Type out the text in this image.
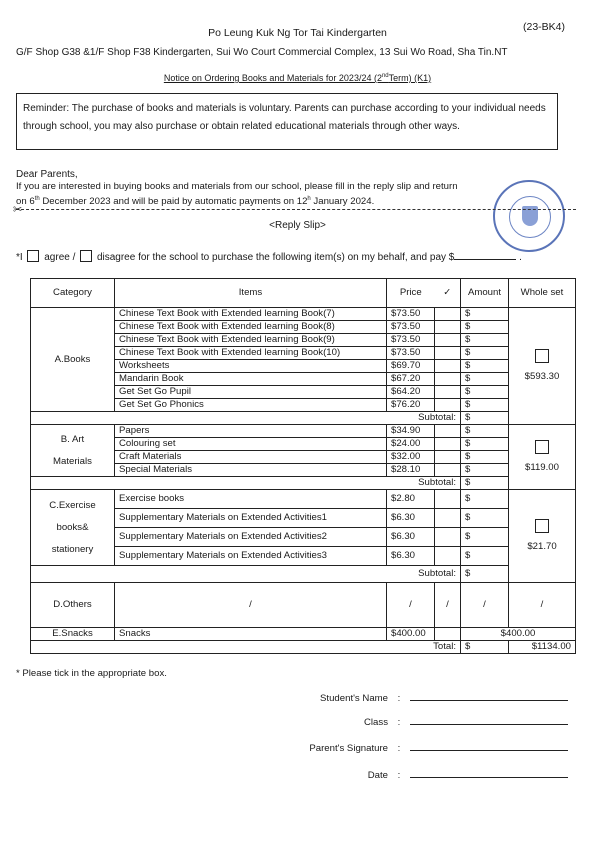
Po Leung Kuk Ng Tor Tai Kindergarten	(23-BK4)
G/F Shop G38 &1/F Shop F38 Kindergarten, Sui Wo Court Commercial Complex, 13 Sui Wo Road, Sha Tin.NT
Notice on Ordering Books and Materials for 2023/24 (2ndTerm) (K1)
Reminder: The purchase of books and materials is voluntary. Parents can purchase according to your individual needs through school, you may also purchase or obtain related educational materials through other ways.
Dear Parents,
If you are interested in buying books and materials from our school, please fill in the reply slip and return
on 6th December 2023 and will be paid by automatic payments on 12$^h$ January 2024.
✂
<Reply Slip>
*I agree / disagree for the school to purchase the following item(s) on my behalf, and pay $	.
Category	Items	Price	✓	Amount	Whole set
A.Books	Chinese Text Book with Extended learning Book(7)	$73.50		$	$593.30
	Chinese Text Book with Extended learning Book(8)	$73.50		$	
	Chinese Text Book with Extended learning Book(9)	$73.50		$	
	Chinese Text Book with Extended learning Book(10)	$73.50		$	
	Worksheets	$69.70		$	
	Mandarin Book	$67.20		$	
	Get Set Go Pupil	$64.20		$	
	Get Set Go Phonics	$76.20		$	
Subtotal:				$	
B. Art
Materials	Papers	$34.90		$	$119.00
	Colouring set	$24.00		$	
	Craft Materials	$32.00		$	
	Special Materials	$28.10		$	
Subtotal:				$	
C.Exercise
books&
stationery	Exercise books	$2.80		$	$21.70
	Supplementary Materials on Extended Activities1	$6.30		$	
	Supplementary Materials on Extended Activities2	$6.30		$	
	Supplementary Materials on Extended Activities3	$6.30		$	
Subtotal:				$	
D.Others	/	/	/	/	/
E.Snacks	Snacks	$400.00		$400.00	
Total:				$	$1134.00
* Please tick in the appropriate box.
Student's Name :
Class :
Parent's Signature :
Date :
